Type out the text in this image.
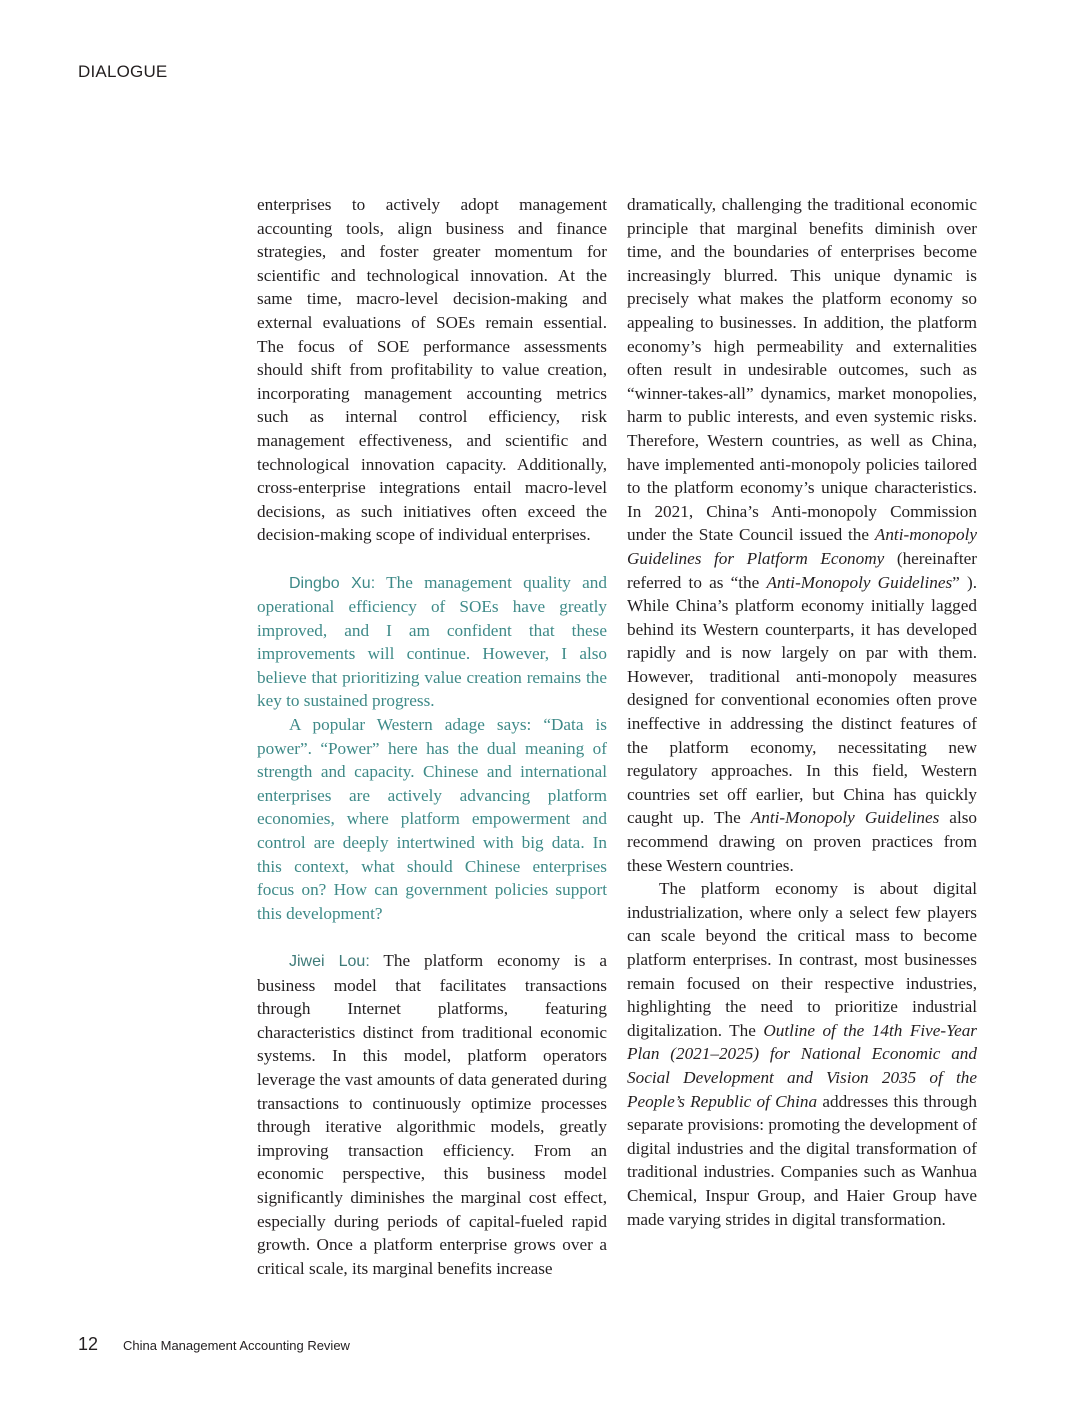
DIALOGUE

enterprises to actively adopt management accounting tools, align business and finance strategies, and foster greater momentum for scientific and technological innovation. At the same time, macro-level decision-making and external evaluations of SOEs remain essential. The focus of SOE performance assessments should shift from profitability to value creation, incorporating management accounting metrics such as internal control efficiency, risk management effectiveness, and scientific and technological innovation capacity. Additionally, cross-enterprise integrations entail macro-level decisions, as such initiatives often exceed the decision-making scope of individual enterprises.

Dingbo Xu: The management quality and operational efficiency of SOEs have greatly improved, and I am confident that these improvements will continue. However, I also believe that prioritizing value creation remains the key to sustained progress.

A popular Western adage says: “Data is power”. “Power” here has the dual meaning of strength and capacity. Chinese and international enterprises are actively advancing platform economies, where platform empowerment and control are deeply intertwined with big data. In this context, what should Chinese enterprises focus on? How can government policies support this development?

Jiwei Lou: The platform economy is a business model that facilitates transactions through Internet platforms, featuring characteristics distinct from traditional economic systems. In this model, platform operators leverage the vast amounts of data generated during transactions to continuously optimize processes through iterative algorithmic models, greatly improving transaction efficiency. From an economic perspective, this business model significantly diminishes the marginal cost effect, especially during periods of capital-fueled rapid growth. Once a platform enterprise grows over a critical scale, its marginal benefits increase

dramatically, challenging the traditional economic principle that marginal benefits diminish over time, and the boundaries of enterprises become increasingly blurred. This unique dynamic is precisely what makes the platform economy so appealing to businesses. In addition, the platform economy’s high permeability and externalities often result in undesirable outcomes, such as “winner-takes-all” dynamics, market monopolies, harm to public interests, and even systemic risks. Therefore, Western countries, as well as China, have implemented anti-monopoly policies tailored to the platform economy’s unique characteristics. In 2021, China’s Anti-monopoly Commission under the State Council issued the Anti-monopoly Guidelines for Platform Economy (hereinafter referred to as “the Anti-Monopoly Guidelines” ). While China’s platform economy initially lagged behind its Western counterparts, it has developed rapidly and is now largely on par with them. However, traditional anti-monopoly measures designed for conventional economies often prove ineffective in addressing the distinct features of the platform economy, necessitating new regulatory approaches. In this field, Western countries set off earlier, but China has quickly caught up. The Anti-Monopoly Guidelines also recommend drawing on proven practices from these Western countries.

The platform economy is about digital industrialization, where only a select few players can scale beyond the critical mass to become platform enterprises. In contrast, most businesses remain focused on their respective industries, highlighting the need to prioritize industrial digitalization. The Outline of the 14th Five-Year Plan (2021–2025) for National Economic and Social Development and Vision 2035 of the People’s Republic of China addresses this through separate provisions: promoting the development of digital industries and the digital transformation of traditional industries. Companies such as Wanhua Chemical, Inspur Group, and Haier Group have made varying strides in digital transformation.

12 China Management Accounting Review
